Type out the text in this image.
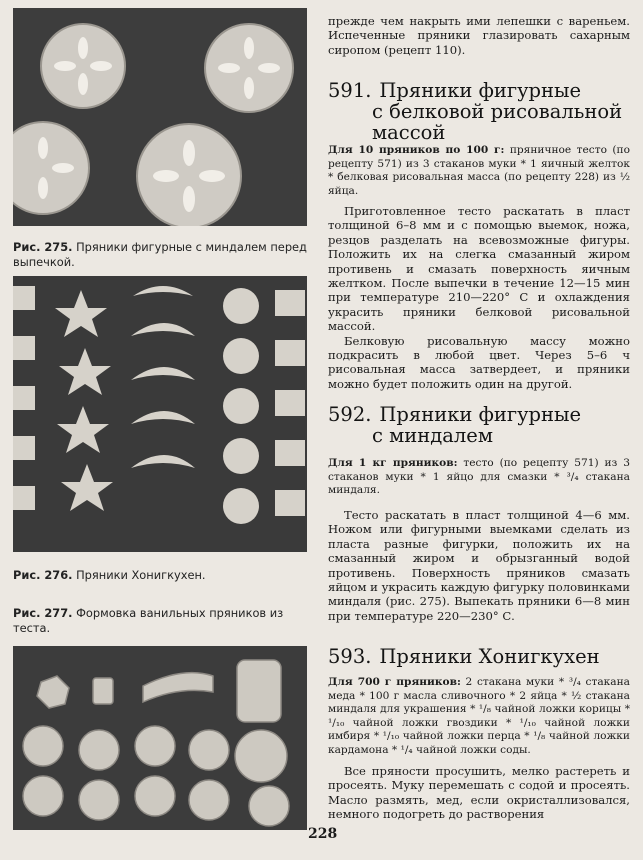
Рис. 275. Пряники фигурные с миндалем перед выпечкой.
Рис. 276. Пряники Хонигкухен.
Рис. 277. Формовка ванильных пряников из теста.

прежде чем накрыть ими лепешки с вареньем. Испеченные пряники глазировать сахарным сиропом (рецепт 110).

591. Пряники фигурные
с белковой рисовальной
массой

Для 10 пряников по 100 г: пряничное тесто (по рецепту 571) из 3 стаканов муки * 1 яичный желток * белковая рисовальная масса (по рецепту 228) из ½ яйца.

Приготовленное тесто раскатать в пласт толщиной 6–8 мм и с помощью выемок, ножа, резцов разделать на всевозможные фигуры. Положить их на слегка смазанный жиром противень и смазать поверхность яичным желтком. После выпечки в течение 12—15 мин при температуре 210—220° С и охлаждения украсить пряники белковой рисовальной массой.

Белковую рисовальную массу можно подкрасить в любой цвет. Через 5–6 ч рисовальная масса затвердеет, и пряники можно будет положить один на другой.

592. Пряники фигурные
с миндалем

Для 1 кг пряников: тесто (по рецепту 571) из 3 стаканов муки * 1 яйцо для смазки * ³/₄ стакана миндаля.

Тесто раскатать в пласт толщиной 4—6 мм. Ножом или фигурными выемками сделать из пласта разные фигурки, положить их на смазанный жиром и обрызганный водой противень. Поверхность пряников смазать яйцом и украсить каждую фигурку половинками миндаля (рис. 275). Выпекать пряники 6—8 мин при температуре 220—230° С.

593. Пряники Хонигкухен

Для 700 г пряников: 2 стакана муки * ³/₄ стакана меда * 100 г масла сливочного * 2 яйца * ½ стакана миндаля для украшения * ¹/₈ чайной ложки корицы * ¹/₁₀ чайной ложки гвоздики * ¹/₁₀ чайной ложки имбиря * ¹/₁₀ чайной ложки перца * ¹/₈ чайной ложки кардамона * ¹/₄ чайной ложки соды.

Все пряности просушить, мелко растереть и просеять. Муку перемешать с содой и просеять. Масло размять, мед, если окристаллизовался, немного подогреть до растворения

228
